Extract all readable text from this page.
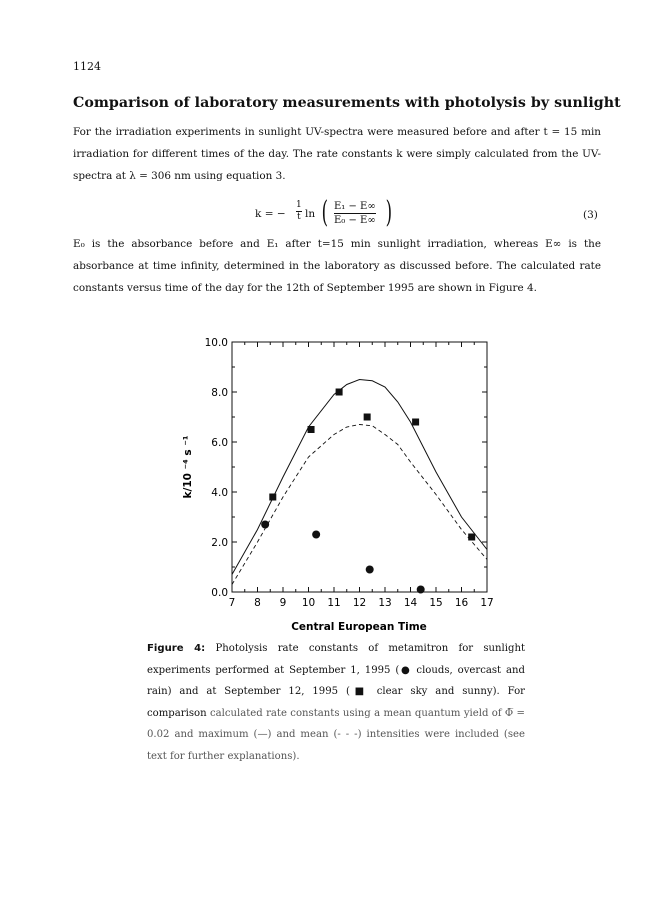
1124
Comparison of laboratory measurements with photolysis by sunlight
For the irradiation experiments in sunlight UV-spectra were measured before and after t = 15 min irradiation for different times of the day. The rate constants k were simply calculated from the UV-spectra at λ = 306 nm using equation 3.
k = − $\frac{1}{t}$ ln ( $\frac{\text{E₁ − E∞}}{\text{E₀ − E∞}}$ )	(3)
E₀ is the absorbance before and E₁ after t=15 min sunlight irradiation, whereas E∞ is the absorbance at time infinity, determined in the laboratory as discussed before. The calculated rate constants versus time of the day for the 12th of September 1995 are shown in Figure 4.
0.0
2.0
4.0
6.0
8.0
10.0
7 8 9 10 11 12 13 14 15 16 17
k/10 ⁻⁴ s ⁻¹
Central European Time
Figure 4: Photolysis rate constants of metamitron for sunlight experiments performed at September 1, 1995 (● clouds, overcast and rain) and at September 12, 1995 (■ clear sky and sunny). For comparison calculated rate constants using a mean quantum yield of Φ̅ = 0.02 and maximum (—) and mean (- - -) intensities were included (see text for further explanations).
